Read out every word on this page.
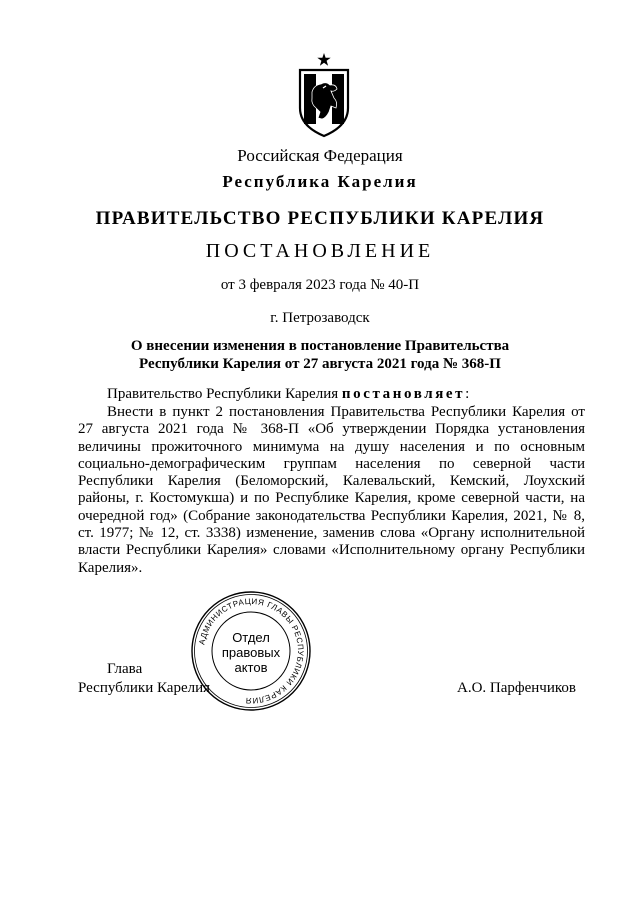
Российская Федерация
Республика Карелия
ПРАВИТЕЛЬСТВО РЕСПУБЛИКИ КАРЕЛИЯ
ПОСТАНОВЛЕНИЕ
от 3 февраля 2023 года № 40-П
г. Петрозаводск
О внесении изменения в постановление Правительства
Республики Карелия от 27 августа 2021 года № 368-П
Правительство Республики Карелия постановляет:

Внести в пункт 2 постановления Правительства Республики Карелия от 27 августа 2021 года № 368-П «Об утверждении Порядка установления величины прожиточного минимума на душу населения и по основным социально-демографическим группам населения по северной части Республики Карелия (Беломорский, Калевальский, Кемский, Лоухский районы, г. Костомукша) и по Республике Карелия, кроме северной части, на очередной год» (Собрание законодательства Республики Карелия, 2021, № 8, ст. 1977; № 12, ст. 3338) изменение, заменив слова «Органу исполнительной власти Республики Карелия» словами «Исполнительному органу Республики Карелия».

АДМИНИСТРАЦИЯ ГЛАВЫ РЕСПУБЛИКИ КАРЕЛИЯ
Отдел
правовых
актов
Глава
Республики Карелия	А.О. Парфенчиков
